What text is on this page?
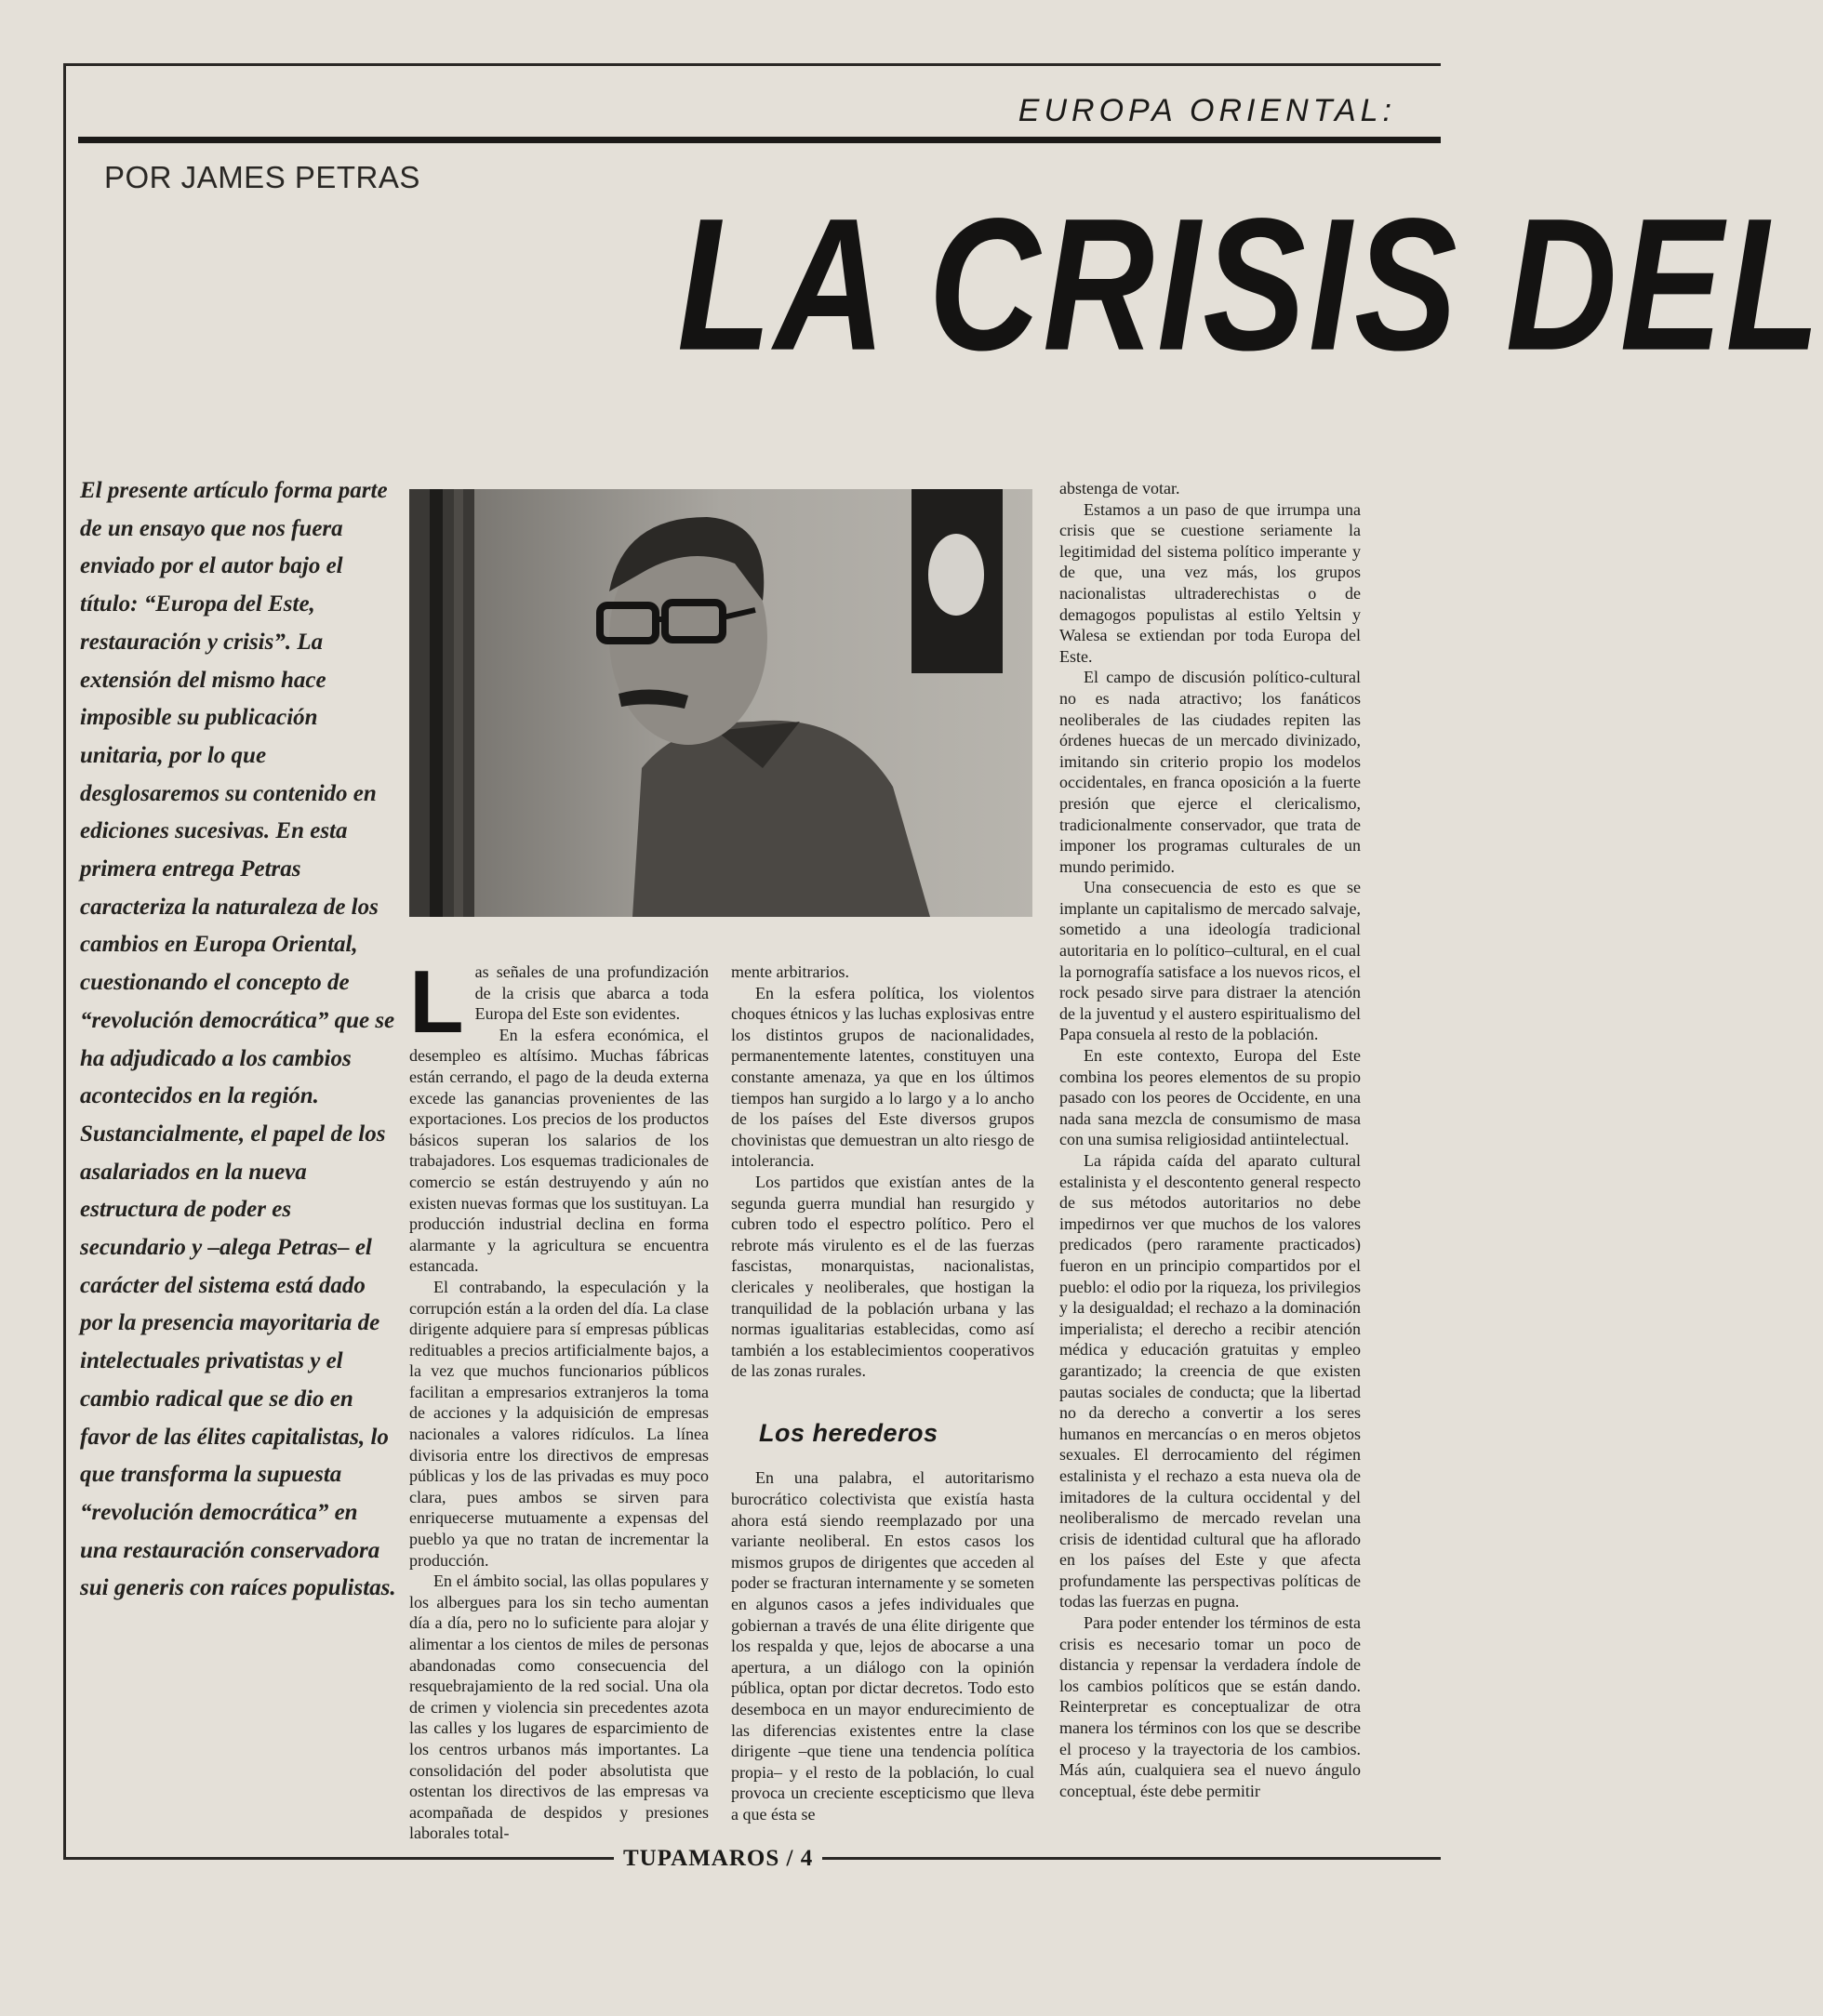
EUROPA ORIENTAL:
POR JAMES PETRAS
LA CRISIS DEL
El presente artículo forma parte de un ensayo que nos fuera enviado por el autor bajo el título: “Europa del Este, restauración y crisis”. La extensión del mismo hace imposible su publicación unitaria, por lo que desglosaremos su contenido en ediciones sucesivas. En esta primera entrega Petras caracteriza la naturaleza de los cambios en Europa Oriental, cuestionando el concepto de “revolución democrática” que se ha adjudicado a los cambios acontecidos en la región. Sustancialmente, el papel de los asalariados en la nueva estructura de poder es secundario y –alega Petras– el carácter del sistema está dado por la presencia mayoritaria de intelectuales privatistas y el cambio radical que se dio en favor de las élites capitalistas, lo que transforma la supuesta “revolución democrática” en una restauración conservadora sui generis con raíces populistas.
L as señales de una profundización de la crisis que abarca a toda Europa del Este son evidentes.

En la esfera económica, el desempleo es altísimo. Muchas fábricas están cerrando, el pago de la deuda externa excede las ganancias provenientes de las exportaciones. Los precios de los productos básicos superan los salarios de los trabajadores. Los esquemas tradicionales de comercio se están destruyendo y aún no existen nuevas formas que los sustituyan. La producción industrial declina en forma alarmante y la agricultura se encuentra estancada.

El contrabando, la especulación y la corrupción están a la orden del día. La clase dirigente adquiere para sí empresas públicas redituables a precios artificialmente bajos, a la vez que muchos funcionarios públicos facilitan a empresarios extranjeros la toma de acciones y la adquisición de empresas nacionales a valores ridículos. La línea divisoria entre los directivos de empresas públicas y los de las privadas es muy poco clara, pues ambos se sirven para enriquecerse mutuamente a expensas del pueblo ya que no tratan de incrementar la producción.

En el ámbito social, las ollas populares y los albergues para los sin techo aumentan día a día, pero no lo suficiente para alojar y alimentar a los cientos de miles de personas abandonadas como consecuencia del resquebrajamiento de la red social. Una ola de crimen y violencia sin precedentes azota las calles y los lugares de esparcimiento de los centros urbanos más importantes. La consolidación del poder absolutista que ostentan los directivos de las empresas va acompañada de despidos y presiones laborales total-

mente arbitrarios.

En la esfera política, los violentos choques étnicos y las luchas explosivas entre los distintos grupos de nacionalidades, permanentemente latentes, constituyen una constante amenaza, ya que en los últimos tiempos han surgido a lo largo y a lo ancho de los países del Este diversos grupos chovinistas que demuestran un alto riesgo de intolerancia.

Los partidos que existían antes de la segunda guerra mundial han resurgido y cubren todo el espectro político. Pero el rebrote más virulento es el de las fuerzas fascistas, monarquistas, nacionalistas, clericales y neoliberales, que hostigan la tranquilidad de la población urbana y las normas igualitarias establecidas, como así también a los establecimientos cooperativos de las zonas rurales.

Los herederos

En una palabra, el autoritarismo burocrático colectivista que existía hasta ahora está siendo reemplazado por una variante neoliberal. En estos casos los mismos grupos de dirigentes que acceden al poder se fracturan internamente y se someten en algunos casos a jefes individuales que gobiernan a través de una élite dirigente que los respalda y que, lejos de abocarse a una apertura, a un diálogo con la opinión pública, optan por dictar decretos. Todo esto desemboca en un mayor endurecimiento de las diferencias existentes entre la clase dirigente –que tiene una tendencia política propia– y el resto de la población, lo cual provoca un creciente escepticismo que lleva a que ésta se

abstenga de votar.

Estamos a un paso de que irrumpa una crisis que se cuestione seriamente la legitimidad del sistema político imperante y de que, una vez más, los grupos nacionalistas ultraderechistas o de demagogos populistas al estilo Yeltsin y Walesa se extiendan por toda Europa del Este.

El campo de discusión político-cultural no es nada atractivo; los fanáticos neoliberales de las ciudades repiten las órdenes huecas de un mercado divinizado, imitando sin criterio propio los modelos occidentales, en franca oposición a la fuerte presión que ejerce el clericalismo, tradicionalmente conservador, que trata de imponer los programas culturales de un mundo perimido.

Una consecuencia de esto es que se implante un capitalismo de mercado salvaje, sometido a una ideología tradicional autoritaria en lo político–cultural, en el cual la pornografía satisface a los nuevos ricos, el rock pesado sirve para distraer la atención de la juventud y el austero espiritualismo del Papa consuela al resto de la población.

En este contexto, Europa del Este combina los peores elementos de su propio pasado con los peores de Occidente, en una nada sana mezcla de consumismo de masa con una sumisa religiosidad antiintelectual.

La rápida caída del aparato cultural estalinista y el descontento general respecto de sus métodos autoritarios no debe impedirnos ver que muchos de los valores predicados (pero raramente practicados) fueron en un principio compartidos por el pueblo: el odio por la riqueza, los privilegios y la desigualdad; el rechazo a la dominación imperialista; el derecho a recibir atención médica y educación gratuitas y empleo garantizado; la creencia de que existen pautas sociales de conducta; que la libertad no da derecho a convertir a los seres humanos en mercancías o en meros objetos sexuales. El derrocamiento del régimen estalinista y el rechazo a esta nueva ola de imitadores de la cultura occidental y del neoliberalismo de mercado revelan una crisis de identidad cultural que ha aflorado en los países del Este y que afecta profundamente las perspectivas políticas de todas las fuerzas en pugna.

Para poder entender los términos de esta crisis es necesario tomar un poco de distancia y repensar la verdadera índole de los cambios políticos que se están dando. Reinterpretar es conceptualizar de otra manera los términos con los que se describe el proceso y la trayectoria de los cambios. Más aún, cualquiera sea el nuevo ángulo conceptual, éste debe permitir

TUPAMAROS / 4
